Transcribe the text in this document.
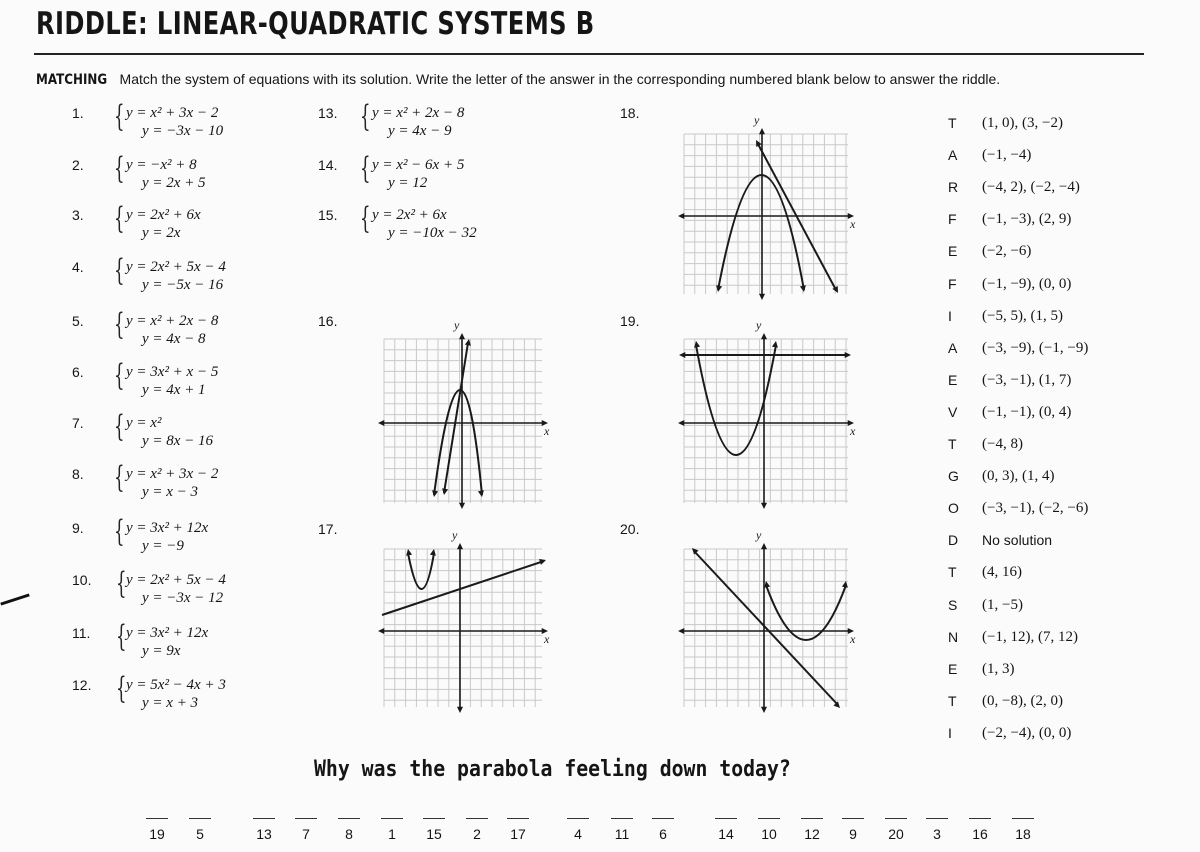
RIDDLE: LINEAR-QUADRATIC SYSTEMS B
MATCHING Match the system of equations with its solution. Write the letter of the answer in the corresponding numbered blank below to answer the riddle.
1. { y = x² + 3x − 2
y = −3x − 10
2. { y = −x² + 8
y = 2x + 5
3. { y = 2x² + 6x
y = 2x
4. { y = 2x² + 5x − 4
y = −5x − 16
5. { y = x² + 2x − 8
y = 4x − 8
6. { y = 3x² + x − 5
y = 4x + 1
7. { y = x²
y = 8x − 16
8. { y = x² + 3x − 2
y = x − 3
9. { y = 3x² + 12x
y = −9
10. { y = 2x² + 5x − 4
y = −3x − 12
11. { y = 3x² + 12x
y = 9x
12. { y = 5x² − 4x + 3
y = x + 3
13. { y = x² + 2x − 8
y = 4x − 9
14. { y = x² − 6x + 5
y = 12
15. { y = 2x² + 6x
y = −10x − 32
16.	y
x
17.	y
x
18.	y
x
19.	y
x
20.	y
x
T (1, 0), (3, −2)
A (−1, −4)
R (−4, 2), (−2, −4)
F (−1, −3), (2, 9)
E (−2, −6)
F (−1, −9), (0, 0)
I (−5, 5), (1, 5)
A (−3, −9), (−1, −9)
E (−3, −1), (1, 7)
V (−1, −1), (0, 4)
T (−4, 8)
G (0, 3), (1, 4)
O (−3, −1), (−2, −6)
D No solution
T (4, 16)
S (1, −5)
N (−1, 12), (7, 12)
E (1, 3)
T (0, −8), (2, 0)
I (−2, −4), (0, 0)
Why was the parabola feeling down today?
19	5	13	7	8	1	15	2	17	4	11	6	14	10	12	9	20	3	16	18
